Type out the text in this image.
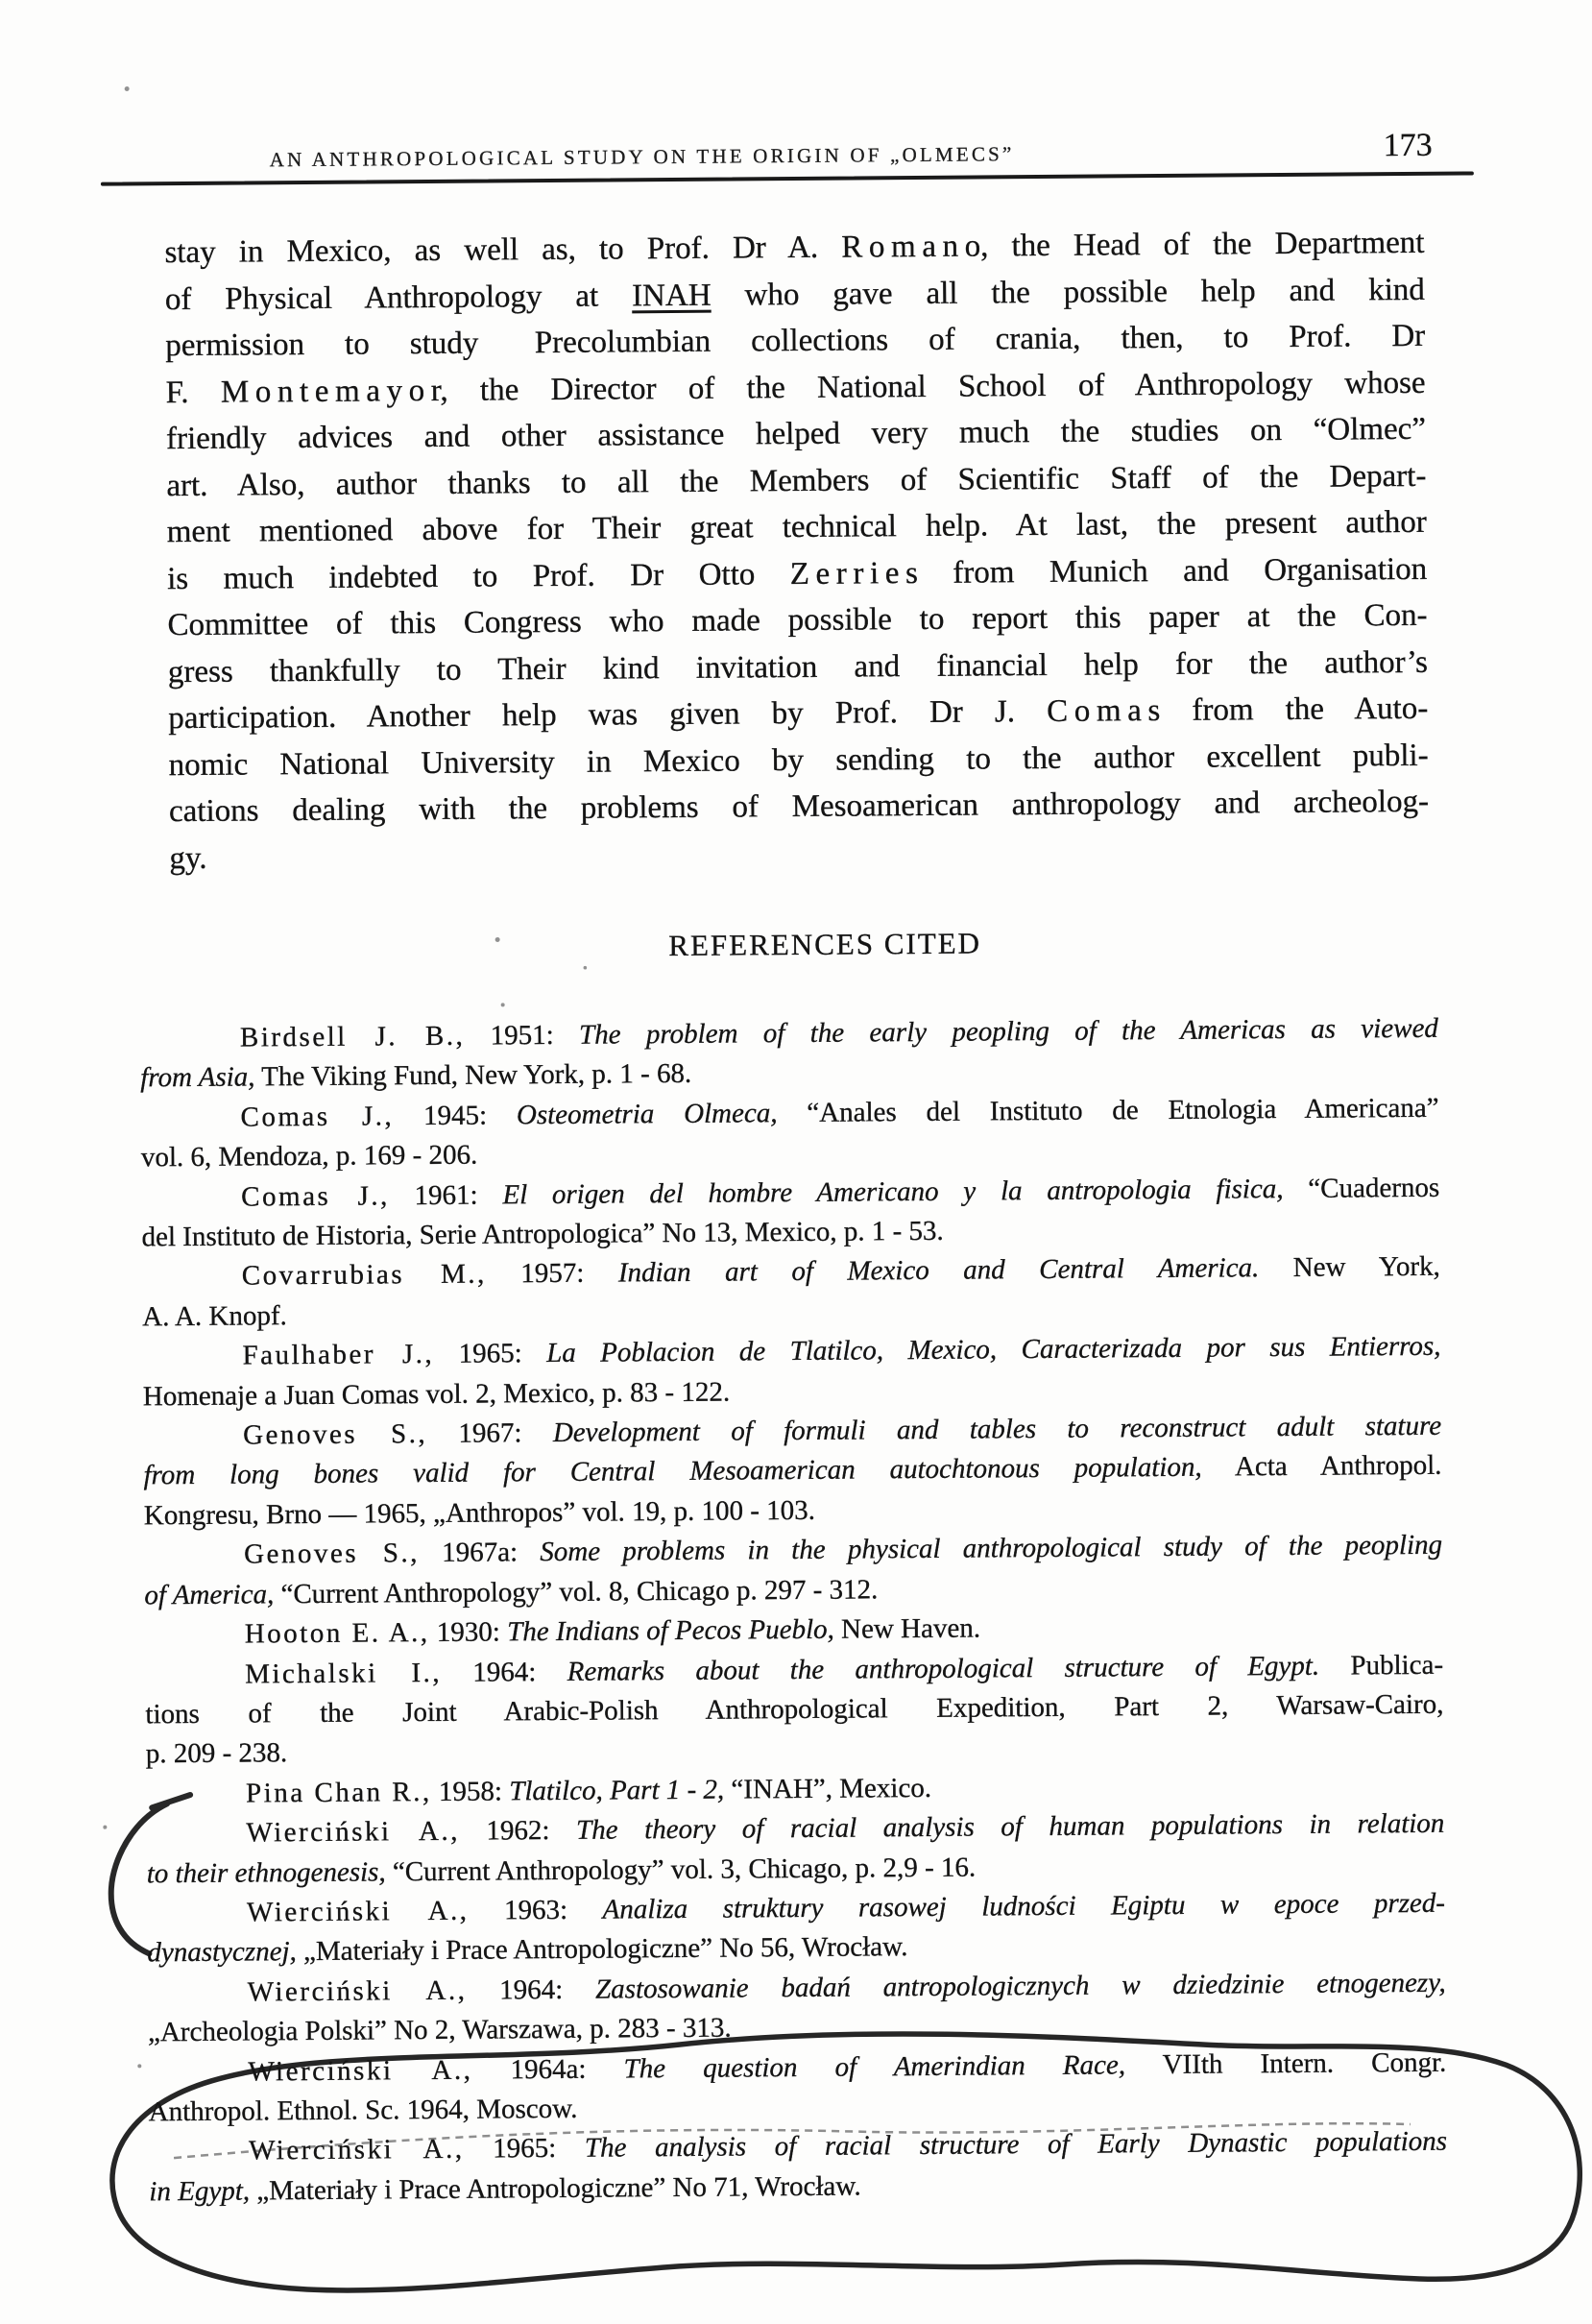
AN ANTHROPOLOGICAL STUDY ON THE ORIGIN OF „OLMECS”	173
stay in Mexico, as well as, to Prof. Dr A. R o m a n o, the Head of the Department
of Physical Anthropology at INAH who gave all the possible help and kind
permission to study  Precolumbian collections of crania, then, to Prof. Dr
F. M o n t e m a y o r, the Director of the National School of Anthropology whose
friendly advices and other assistance helped very much the studies on “Olmec”
art. Also, author thanks to all the Members of Scientific Staff of the Depart-
ment mentioned above for Their great technical help. At last, the present author
is much indebted to Prof. Dr Otto Z e r r i e s from Munich and Organisation
Committee of this Congress who made possible to report this paper at the Con-
gress thankfully to Their kind invitation and financial help for the author’s
participation. Another help was given by Prof. Dr J. C o m a s from the Auto-
nomic National University in Mexico by sending to the author excellent publi-
cations dealing with the problems of Mesoamerican anthropology and archeolog-
gy.
REFERENCES CITED
Birdsell J. B., 1951: The problem of the early peopling of the Americas as viewed
from Asia, The Viking Fund, New York, p. 1 - 68.
Comas J., 1945: Osteometria Olmeca, “Anales del Instituto de Etnologia Americana”
vol. 6, Mendoza, p. 169 - 206.
Comas J., 1961: El origen del hombre Americano y la antropologia fisica, “Cuadernos
del Instituto de Historia, Serie Antropologica” No 13, Mexico, p. 1 - 53.
Covarrubias M., 1957: Indian art of Mexico and Central America. New York,
A. A. Knopf.
Faulhaber J., 1965: La Poblacion de Tlatilco, Mexico, Caracterizada por sus Entierros,
Homenaje a Juan Comas vol. 2, Mexico, p. 83 - 122.
Genoves S., 1967: Development of formuli and tables to reconstruct adult stature
from long bones valid for Central Mesoamerican autochtonous population, Acta Anthropol.
Kongresu, Brno — 1965, „Anthropos” vol. 19, p. 100 - 103.
Genoves S., 1967a: Some problems in the physical anthropological study of the peopling
of America, “Current Anthropology” vol. 8, Chicago p. 297 - 312.
Hooton E. A., 1930: The Indians of Pecos Pueblo, New Haven.
Michalski I., 1964: Remarks about the anthropological structure of Egypt. Publica-
tions of the Joint Arabic-Polish Anthropological Expedition, Part 2, Warsaw-Cairo,
p. 209 - 238.
Pina Chan R., 1958: Tlatilco, Part 1 - 2, “INAH”, Mexico.
Wierciński A., 1962: The theory of racial analysis of human populations in relation
to their ethnogenesis, “Current Anthropology” vol. 3, Chicago, p. 2,9 - 16.
Wierciński A., 1963: Analiza struktury rasowej ludności Egiptu w epoce przed-
dynastycznej, „Materiały i Prace Antropologiczne” No 56, Wrocław.
Wierciński A., 1964: Zastosowanie badań antropologicznych w dziedzinie etnogenezy,
„Archeologia Polski” No 2, Warszawa, p. 283 - 313.
Wierciński A., 1964a: The question of Amerindian Race, VIIth Intern. Congr.
Anthropol. Ethnol. Sc. 1964, Moscow.
Wierciński A., 1965: The analysis of racial structure of Early Dynastic populations
in Egypt, „Materiały i Prace Antropologiczne” No 71, Wrocław.
